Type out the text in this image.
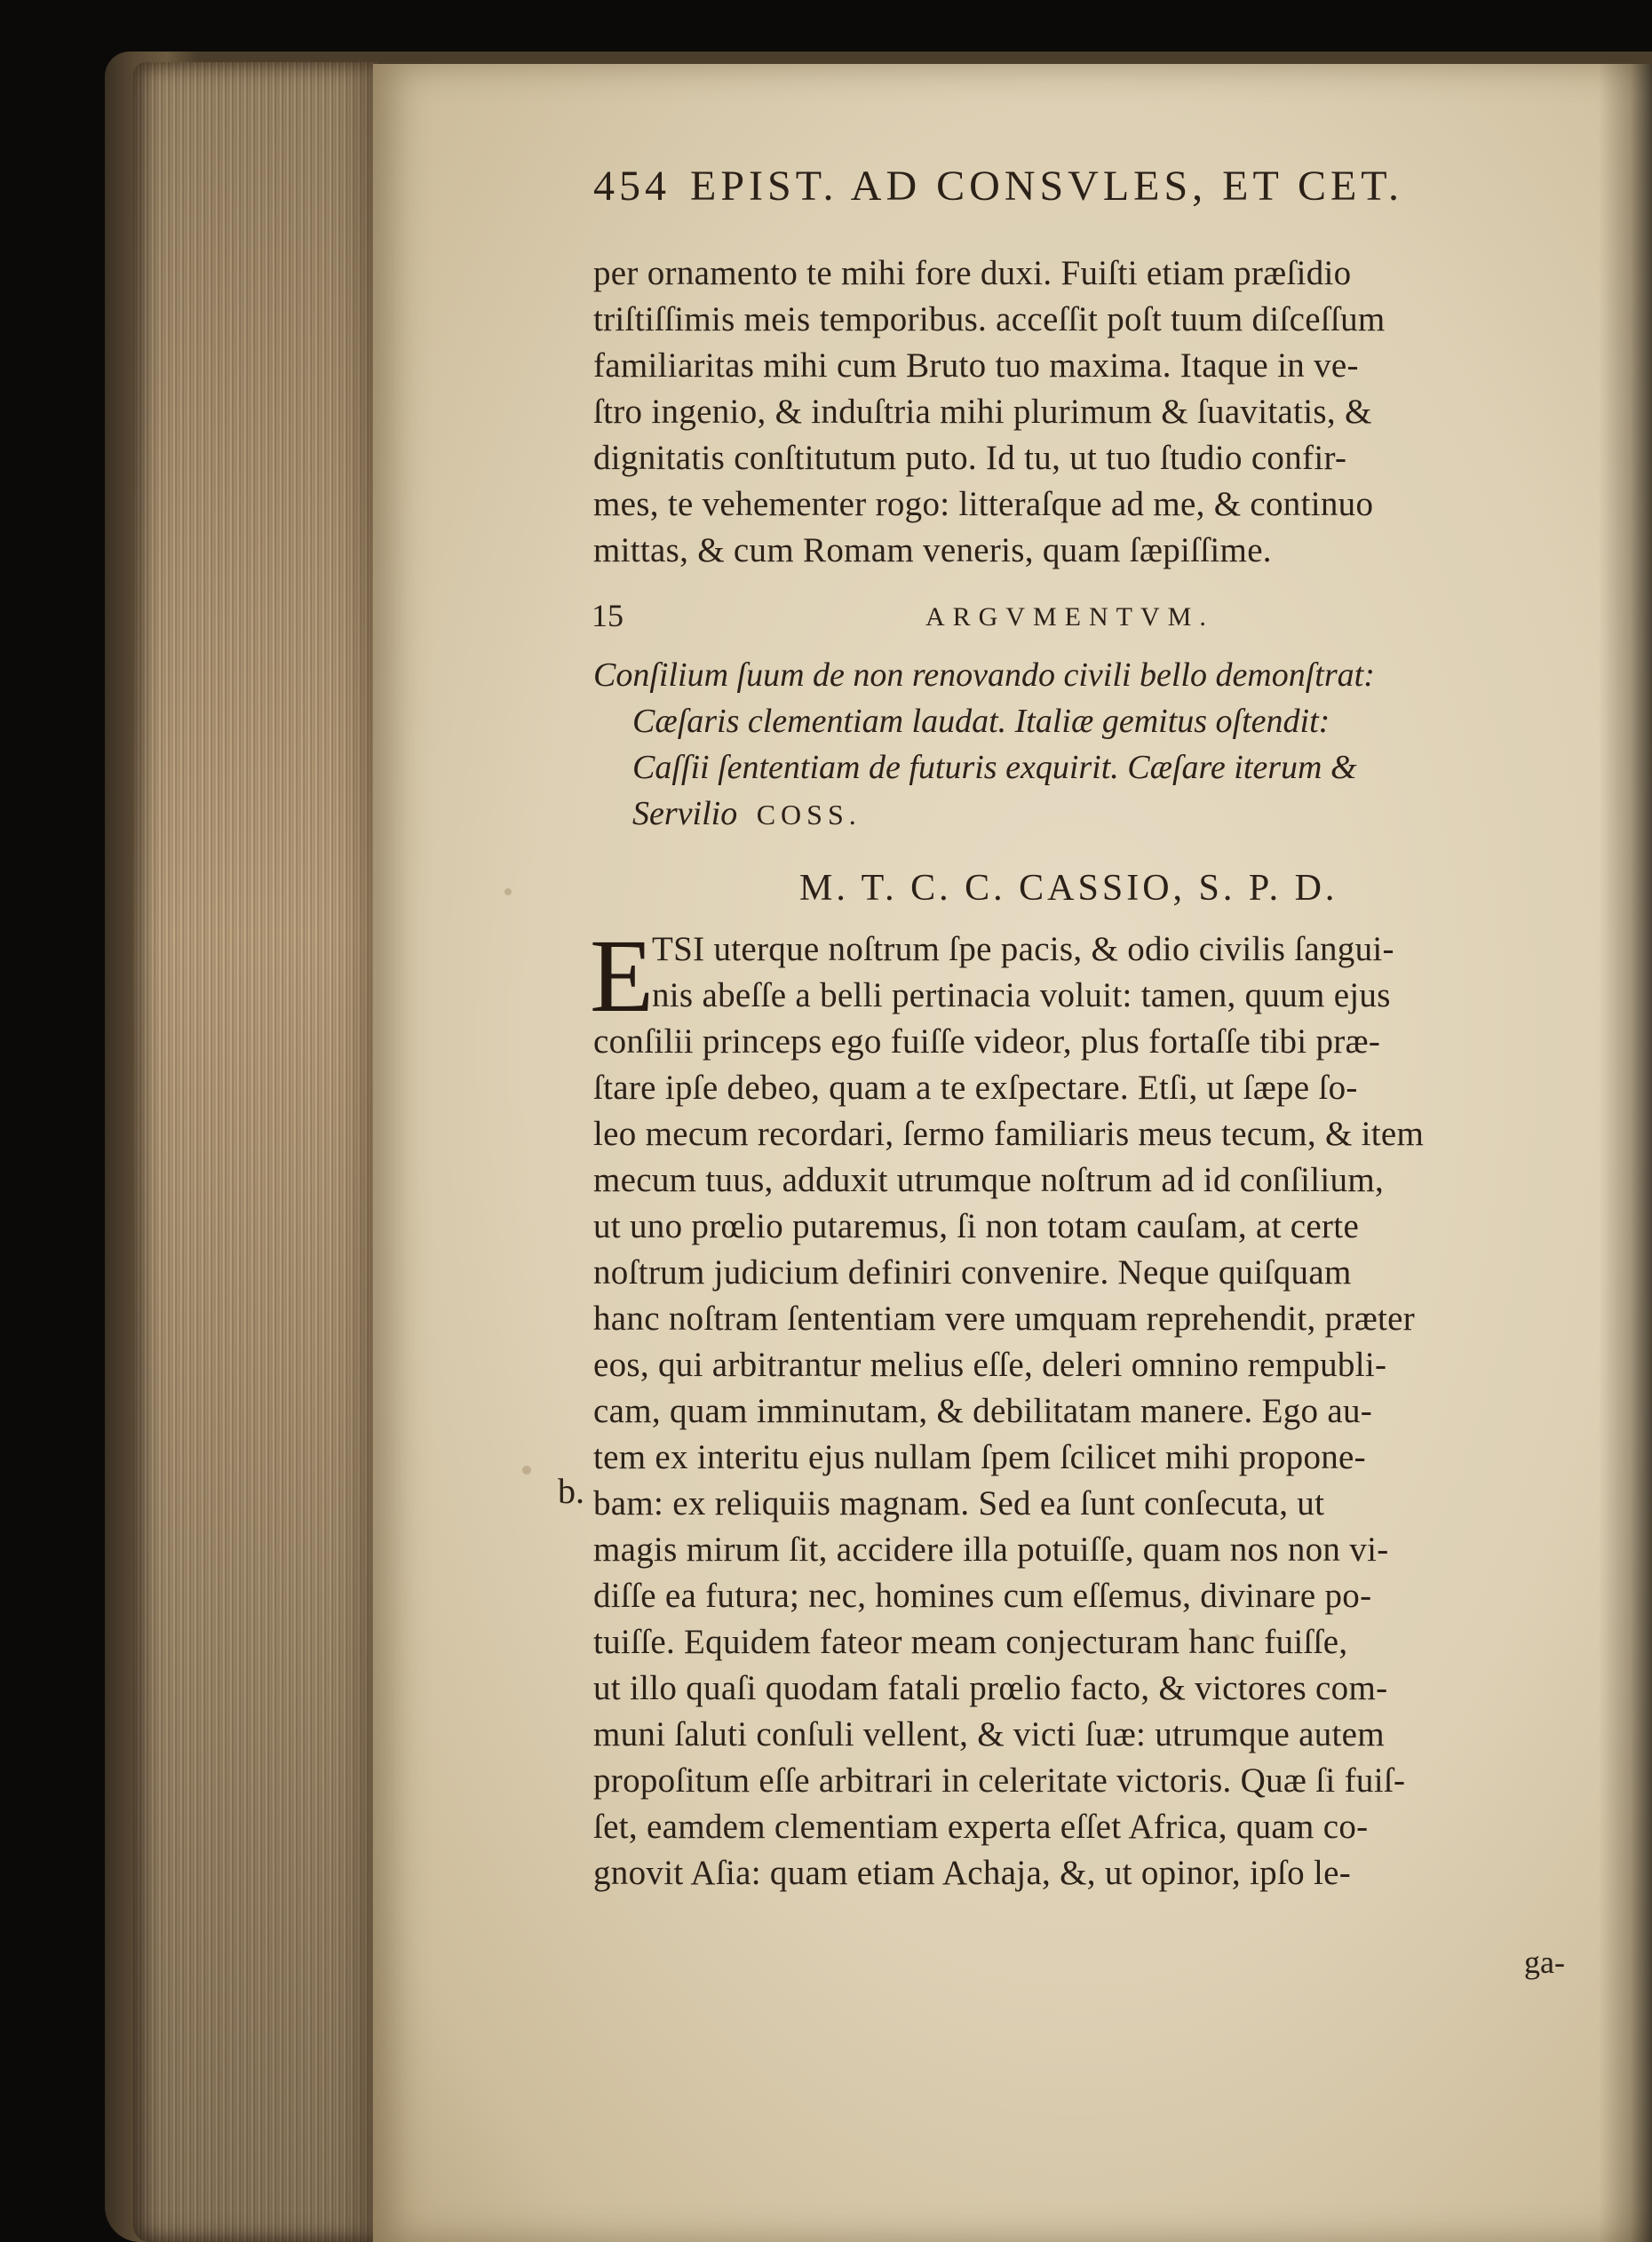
454 EPIST. AD CONSVLES, ET CET.
per ornamento te mihi fore duxi. Fuiſti etiam præſidio
triſtiſſimis meis temporibus. acceſſit poſt tuum diſceſſum
familiaritas mihi cum Bruto tuo maxima. Itaque in ve-
ſtro ingenio, & induſtria mihi plurimum & ſuavitatis, &
dignitatis conſtitutum puto. Id tu, ut tuo ſtudio confir-
mes, te vehementer rogo: litteraſque ad me, & continuo
mittas, & cum Romam veneris, quam ſæpiſſime.
15	ARGVMENTVM.
Conſilium ſuum de non renovando civili bello demonſtrat:
Cæſaris clementiam laudat. Italiæ gemitus oſtendit:
Caſſii ſententiam de futuris exquirit. Cæſare iterum &
Servilio COSS.
M. T. C. C. CASSIO, S. P. D.
E
TSI uterque noſtrum ſpe pacis, & odio civilis ſangui-
nis abeſſe a belli pertinacia voluit: tamen, quum ejus
conſilii princeps ego fuiſſe videor, plus fortaſſe tibi præ-
ſtare ipſe debeo, quam a te exſpectare. Etſi, ut ſæpe ſo-
leo mecum recordari, ſermo familiaris meus tecum, & item
mecum tuus, adduxit utrumque noſtrum ad id conſilium,
ut uno prœlio putaremus, ſi non totam cauſam, at certe
noſtrum judicium definiri convenire. Neque quiſquam
hanc noſtram ſententiam vere umquam reprehendit, præter
eos, qui arbitrantur melius eſſe, deleri omnino rempubli-
cam, quam imminutam, & debilitatam manere. Ego au-
tem ex interitu ejus nullam ſpem ſcilicet mihi propone-
bam: ex reliquiis magnam. Sed ea ſunt conſecuta, ut
magis mirum ſit, accidere illa potuiſſe, quam nos non vi-
diſſe ea futura; nec, homines cum eſſemus, divinare po-
tuiſſe. Equidem fateor meam conjecturam hanc fuiſſe,
ut illo quaſi quodam fatali prœlio facto, & victores com-
muni ſaluti conſuli vellent, & victi ſuæ: utrumque autem
propoſitum eſſe arbitrari in celeritate victoris. Quæ ſi fuiſ-
ſet, eamdem clementiam experta eſſet Africa, quam co-
gnovit Aſia: quam etiam Achaja, &, ut opinor, ipſo le-
b.
ga-
